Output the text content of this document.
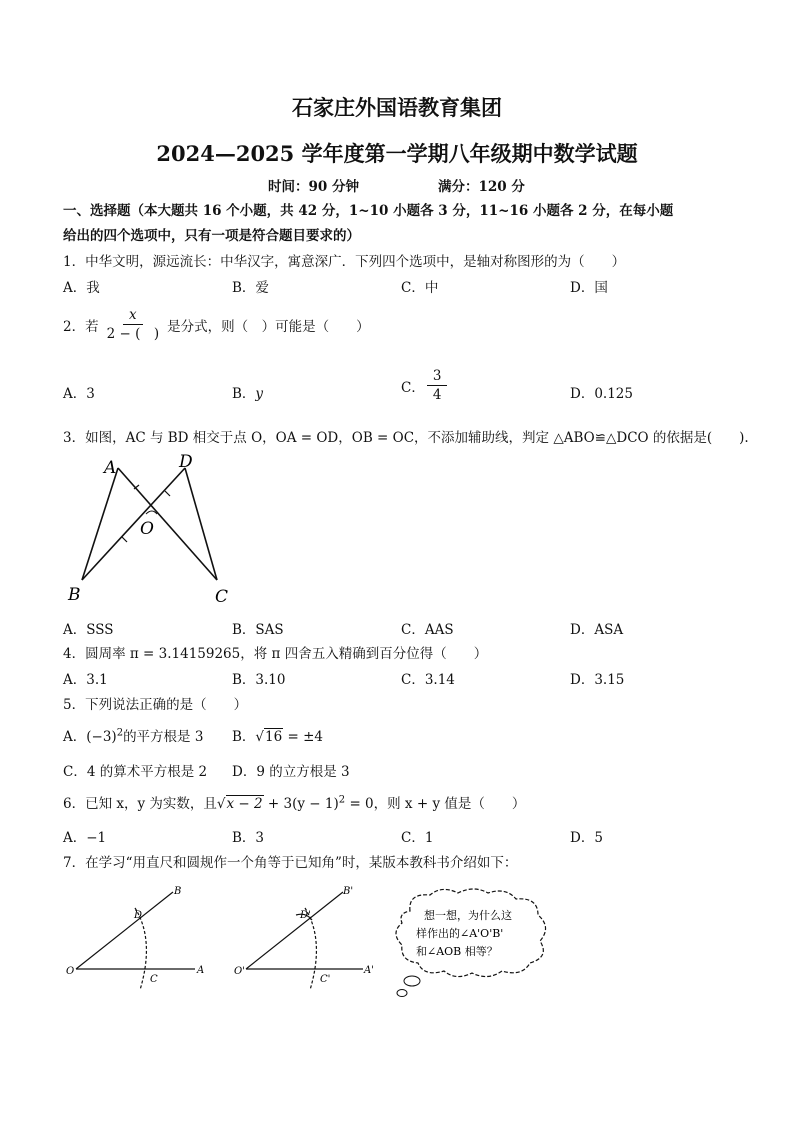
石家庄外国语教育集团
2024—2025 学年度第一学期八年级期中数学试题
时间：90 分钟	满分：120 分
一、选择题（本大题共 16 个小题，共 42 分，1~10 小题各 3 分，11~16 小题各 2 分，在每小题
给出的四个选项中，只有一项是符合题目要求的）
1．中华文明，源远流长：中华汉字，寓意深广．下列四个选项中，是轴对称图形的为（　　）
A．我	B．爱	C．中	D．国
2．若 $\frac{x}{2 - ( )}$ 是分式，则（　）可能是（　　）
A．3	B．y	C． $\frac{3}{4}$	D．0.125
3．如图，AC 与 BD 相交于点 O，OA = OD，OB = OC，不添加辅助线，判定 △ABO≌△DCO 的依据是(　　).
A	D
O
B	C
A．SSS	B．SAS	C．AAS	D．ASA
4．圆周率 π = 3.14159265，将 π 四舍五入精确到百分位得（　　）
A．3.1	B．3.10	C．3.14	D．3.15
5．下列说法正确的是（　　）
A．$(-3)^2$的平方根是 3 B．√16 = ±4
C．4 的算术平方根是 2 D．9 的立方根是 3
6．已知 x，y 为实数，且$√x - 2 + 3(y - 1)^2 = 0$，则 x + y 值是（　　）
A．−1	B．3	C．1	D．5
7．在学习“用直尺和圆规作一个角等于已知角”时，某版本教科书介绍如下：
O	A
B
D
C
O'	A'
B'
D'
C'
想一想，为什么这
样作出的∠A'O'B'
和∠AOB 相等？
